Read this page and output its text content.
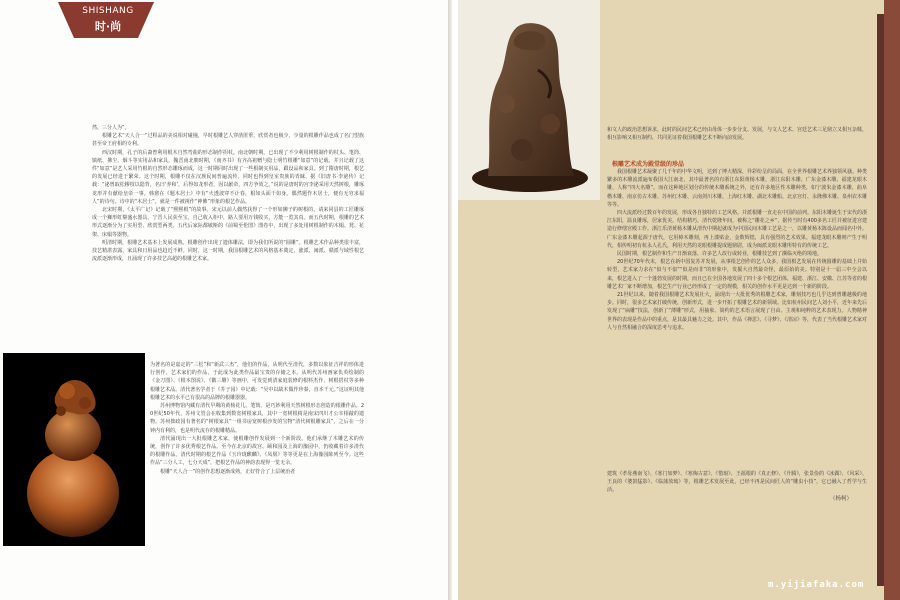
SHISHANG
时·尚

然、三分人为”。

根雕艺术“天人合一”过程品的美说相对碰撞，早时根雕艺人穿凿匿垂，欣赏者也极少，少量的根雕作品也成了名门望族甚至帝王府相的专利。

西汉时期，孔子的后裔曾利用根木自然弯曲的形态制作拐杖。南北朝时期，已出现了不少利用树根制作的杖头、笔筒、镇纸、拂尘、烟斗等实用品和家具。魏晋南北朝时期，《南齐书》有齐高祖赠与隐士明竹根雕“如意”的记载，并且记载了这件“如意”是艺人采用竹根的自然形态雕琢而成，这一时期同时出现了一些根制实用品，跟设品和家具。到了隋唐时期，根艺的发展已经进于繁荣。这个时期，根雕不仅在汉族民间普遍流传，同时也得到皇室贵族的青睐，据《旧唐书·李泌传》记载：“泌曾取松樛枝以隐背，名曰‘养和’，后得如龙形者，因以献帝，四方争效之。”说的是唐时的宫李泌采用天然树根，雕琢龙形并有献给皇帝一事。韩愈在《题木居士》中有“火透波穿不计春，根如头面干如身。偶然题作木居士，便有无穷求福人”的诗句。诗中的“木居士”，就是一件被视作“神佛”形象的根艺作品。

北宋时期，《太平广记》记载了“熙熙根”的故事。宋元以前人偶然获得了一个形如狮子的树根的，请来同县的工匠雕琢成一个狮形虹鍪盛水器具，宁晋人民获至宝，自己收入柜中，路人要用万钱收买，方能一览其真。而五代时期，根雕的艺术形式逐渐分为了实用型、欣赏型两类。五代后家际都敏斯的《前蜀至伦图》图卷中，出现了多处用树根制作的木榻、凳、花架、床榻等器物。

明清时期，根雕艺术基本上发展成熟。根雕创作出现了遗体雕法，即为我们所说的“圆雕”。根雕艺术作品种类很丰富，技艺精湛表露，家具和日用品也趋近不鲜。同时，这一时期，我国根雕艺术的风格基本奠定，涨派、闽派、赣派与域性根艺流派逐渐形成，且涌现了许多技艺高超的根雕艺术家。

为著名的是嘉定的“三松”和“新武三杰”，他们的作品，从明代至清代，多数以象征吉祥的形体进行创作。艺术家们的作品，于此成为此类作品最宝贵的存储之本。从明代苏州画家仇英绘制的《金刀图》、《根本图说》、《徽三雕》等画中，可发觉到清家庭装修的根料杰作，树根搭杖等多种根雕艺术品。清代著名学者于《芥子园》中记载：“吴中以缺木做作珍秦，直本干元。”这证明其他根雕艺术的水平已有很高的品牌的根雕器器。

苏州博物馆内藏有清代早期的黄杨花几、笔筒、是巧妙利用天然树根形态创造的根雕作品。20世纪50年代，苏州文管会在收集到数宽树根家具，其中一宽树根椅是南宋四川才公宰相敲的遗物。苏州拙政园有著名的“树根家具”一组书房宽树根沙发的宝物“清代树根雕家具”，之后在一分钟内有利的，也是明代流存的根雕精品。

清代涌现出一大批根雕艺术家，使根雕创作发展到一个新阶段。他们承继了木雕艺术的传统，创作了许多优秀根艺作品。至今在北京的故宫、颐和园及上海的豫园中，仍收藏着许多清代的根雕作品。清代时期的根艺作品《玉玲珑麒麟》、《凤凰》等等更是在上海豫园陈列至今。这些作品“三分人工，七分天成”，把根艺作品的神韵表现得一览无余。

根雕“天人合一”的创作思想逐渐成熟，正好符合了上层统治者

和文人的政治思想诉求，此时的民间艺术已经由母体一步步分支、发展，与文人艺术、宫廷艺术三足鼎立又相互杂糅，相互影响又相互制约，共同见证着我国根雕艺术不断向前发展。

根雕艺术成为殿堂级的珍品

我国根雕艺术凝聚了几千年的中华文明，达到了博大精深，异彩纷呈的局面，在全世界根雕艺术界独领风骚。种类繁多的木雕流派遍布我国大江南北，其中最著名的有浙江东阳黄杨木雕，浙江东阳木雕、广东金漆木雕、福建龙眼木雕，人称“四大名雕”。而在这种地区划分的传统木雕系统之外，还有许多地区性木雕种类，如宁波朱金漆木雕、曲阜楷木雕、南京仿古木雕、苏州红木雕、云南剑川木雕、上海红木雕、湖北木雕船、北京宫灯、永隆佛木雕、泉州农木雕等等。

四大流派经过数百年的发展，形成各自独特的工艺风格。并派根雕一直走在中国的前列。东阳木雕诞生于宋代的浙江东阳，温良雕琢，居家优美，结构精巧，清代乾隆年间，被称之“雕花之乡”，据传当时有400多名工匠并被征进宫建造行修缮宫殿工作。浙江乐清黄杨木雕从清代中期起就成为中国民间木雕工艺是之一，以雕黄杨木陈设品而闻名中外。广东金漆木雕起源于唐代，它用樟木雕刻，再上漆贴金，金数辉煌，具有强烈的艺术效果。福建龙眼木雕则产生于明代，相传明初有杭永人孔氏，利用天然的龙眼根雕提成题鼎尉，成为闽派龙眼木雕所特有的传统工艺。

民国时期，根艺制作和生产日渐衰落，许多艺人改行或转业，根雕技艺到了濒临灭绝的境地。

20世纪70年代末，根艺在新中国复苏并发展，从事根艺创作的艺人众多，我国根艺发展在传统圆雕的基础上并始转型，艺术家力求在“似与不似”“似是而非”的形象中，发掘大自然最奇怪，最原始的美。特别是十一届三中全会以来，根艺进入了一个蓬勃发展的时期，而且已在全国各地发展了四十多个根艺团体，福建、浙江、安徽、江苏等省的根雕艺术厂家不断增加，根艺生产行业已经形成了一定的规模，相关的创作水平更是达到一个新的阶段。

21世纪以来，随着我国根雕艺术发展壮大，涌现出一大批优秀的根雕艺术家，雕刻技巧也几乎达到曾雕越极的地步。同时，很多艺术家打破传统，创新形式，进一步开拓了根雕艺术的新领域。比如杭州民间艺人刘小平，近年来先后发现了“扁雕”技法，创新了“薄雕”形式，用抽象、简约的艺术语言展现了自由、主观和纯粹的艺术表现力。人物精神世界的表现是作品中的重点，是其最具魅力之处。其中，作品《禅思》、《寻梦》、《清凉》等，代表了当代根雕艺术家对人与自然相融合的深度思考与追求。

建筑《孝母燕南飞》、《寒门如梦》、《寒梅古意》、《惜琅》、王福根的《真正修》、《升腾》，张景俭的《冰偶》、《风采》、王良的《婆鼓猛影》、《临蒲放琉》等，根雕艺术发展至此，已经不再是民间匠人的“雕虫小技”，它已融入了哲学与生活。

（杨柯）
m.yijiafaka.com
